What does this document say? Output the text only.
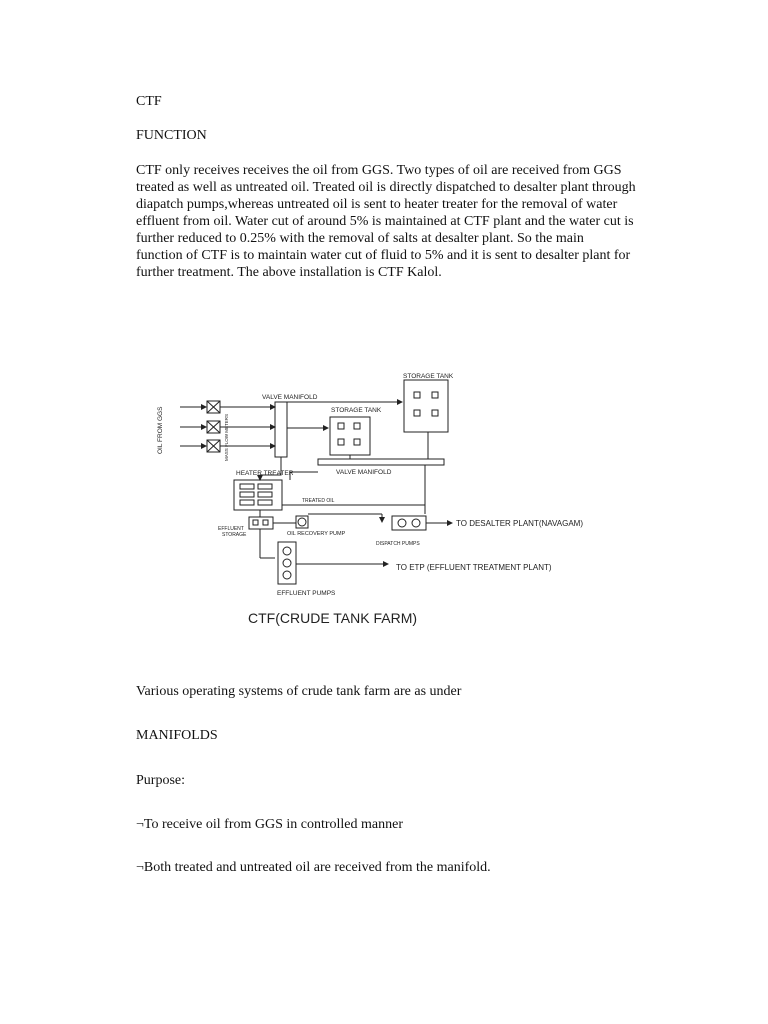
CTF
FUNCTION
CTF only receives receives the oil from GGS. Two types of oil are received from GGS
treated as well as untreated oil. Treated oil is directly dispatched to desalter plant through
diapatch pumps,whereas untreated oil is sent to heater treater for the removal of water
effluent from oil. Water cut of around 5% is maintained at CTF plant and the water cut is
further reduced to 0.25% with the removal of salts at desalter plant. So the main
function of CTF is to maintain water cut of fluid to 5% and it is sent to desalter plant for
further treatment. The above installation is CTF Kalol.
OIL FROM GGS	MASS FLOW METERS
VALVE MANIFOLD
STORAGE TANK
STORAGE TANK
VALVE MANIFOLD
HEATER TREATER
TREATED OIL
EFFLUENT
STORAGE	OIL RECOVERY PUMP
DISPATCH PUMPS
TO DESALTER PLANT(NAVAGAM)
TO ETP (EFFLUENT TREATMENT PLANT)
EFFLUENT PUMPS
CTF(CRUDE TANK FARM)
Various operating systems of crude tank farm are as under
MANIFOLDS
Purpose:
¬To receive oil from GGS in controlled manner
¬Both treated and untreated oil are received from the manifold.
